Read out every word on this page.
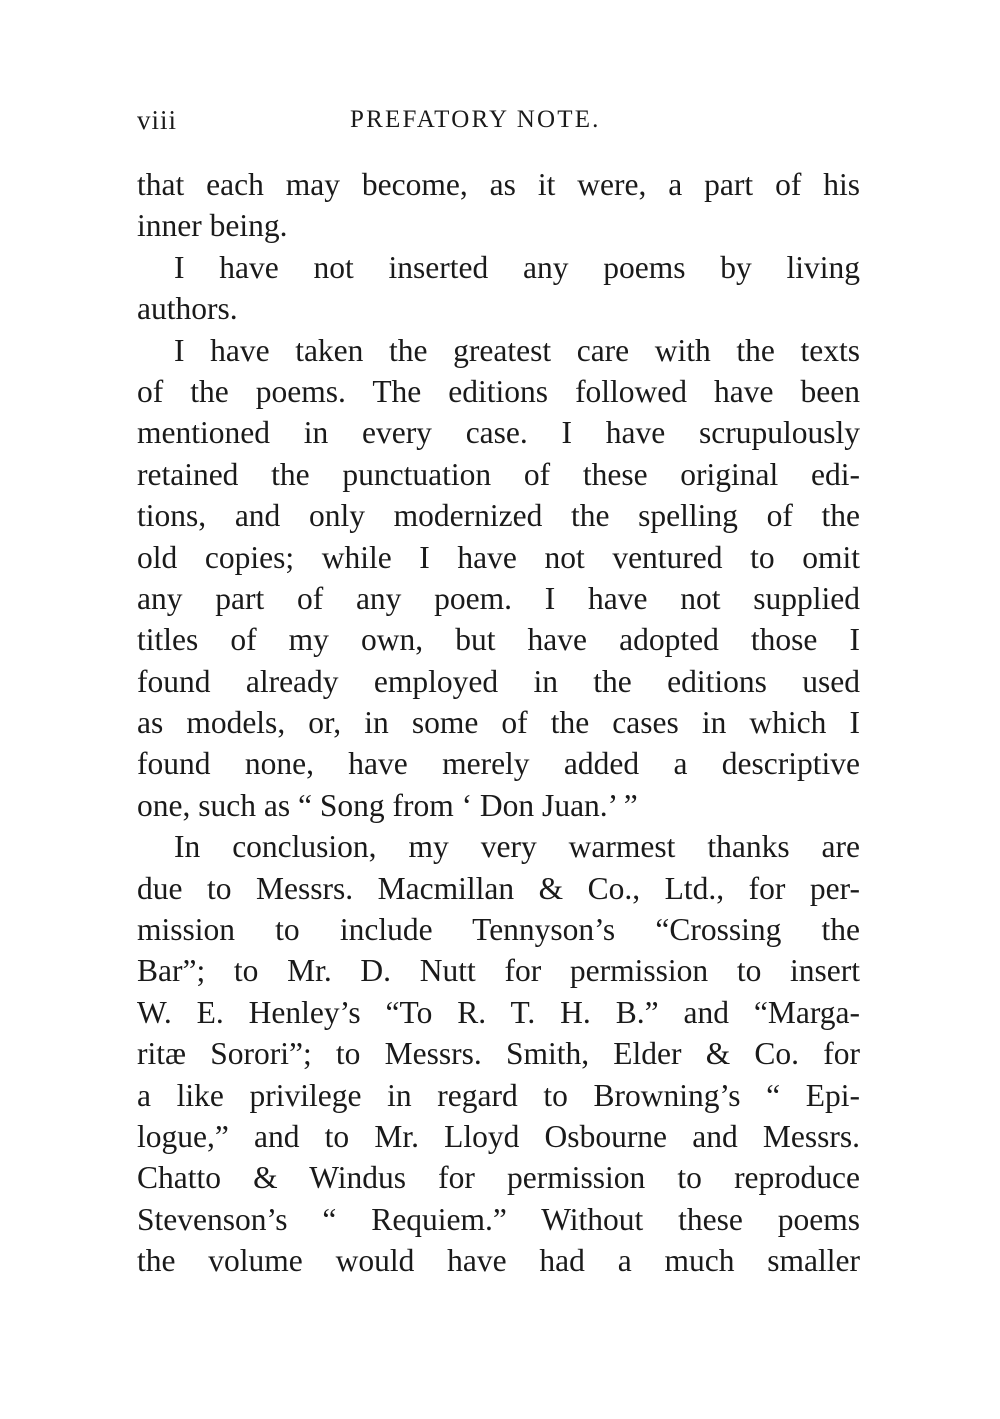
viii	PREFATORY NOTE.
that each may become, as it were, a part of his
inner being.
I have not inserted any poems by living
authors.
I have taken the greatest care with the texts
of the poems. The editions followed have been
mentioned in every case. I have scrupulously
retained the punctuation of these original edi-
tions, and only modernized the spelling of the
old copies; while I have not ventured to omit
any part of any poem. I have not supplied
titles of my own, but have adopted those I
found already employed in the editions used
as models, or, in some of the cases in which I
found none, have merely added a descriptive
one, such as “ Song from ‘ Don Juan.’ ”
In conclusion, my very warmest thanks are
due to Messrs. Macmillan & Co., Ltd., for per-
mission to include Tennyson’s “Crossing the
Bar”; to Mr. D. Nutt for permission to insert
W. E. Henley’s “To R. T. H. B.” and “Marga-
ritæ Sorori”; to Messrs. Smith, Elder & Co. for
a like privilege in regard to Browning’s “ Epi-
logue,” and to Mr. Lloyd Osbourne and Messrs.
Chatto & Windus for permission to reproduce
Stevenson’s “ Requiem.” Without these poems
the volume would have had a much smaller
